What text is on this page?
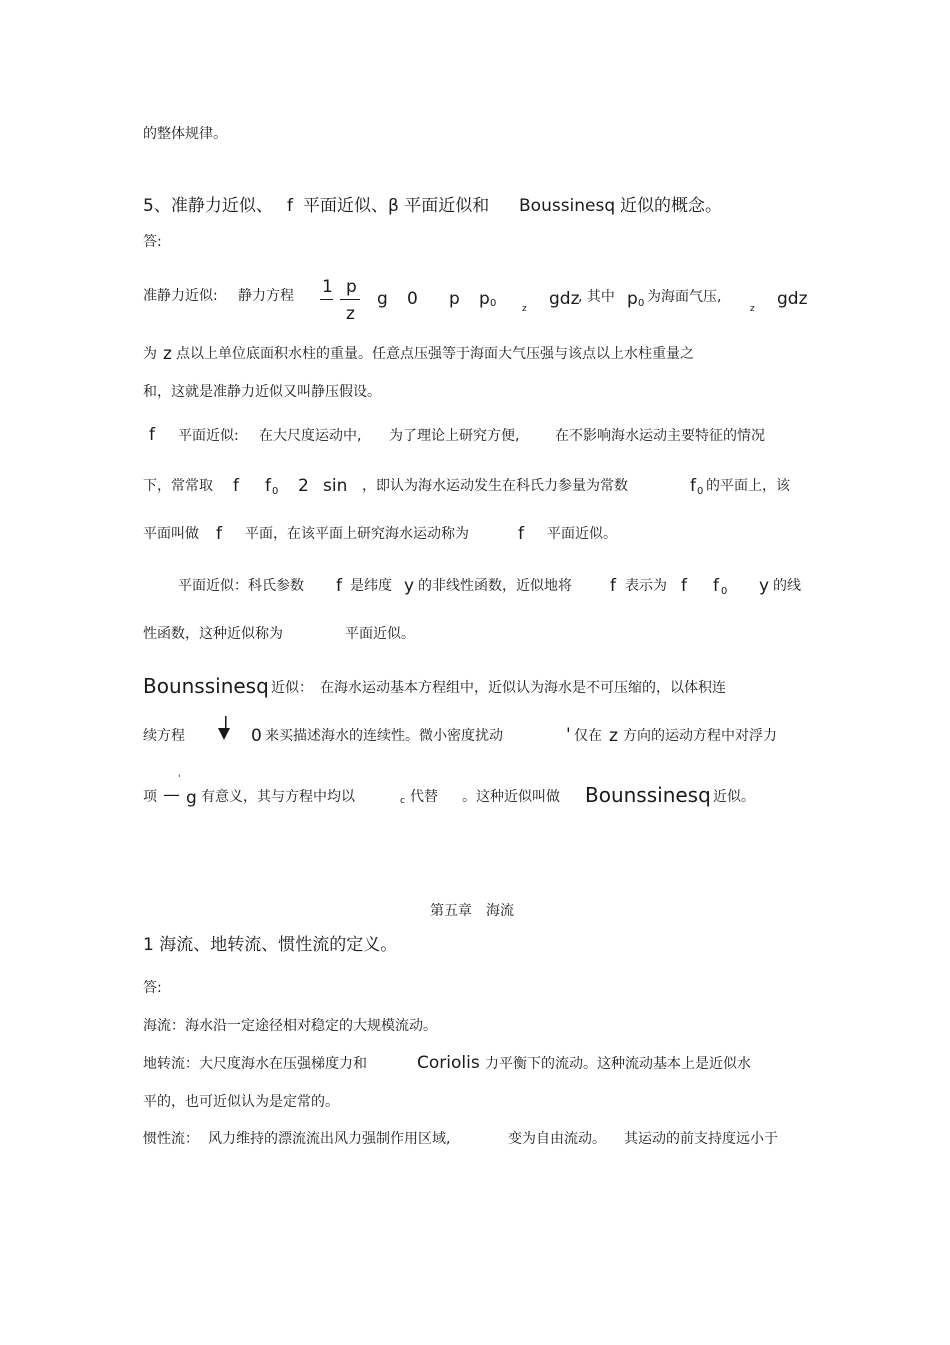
的整体规律。
5、准静力近似、 f 平面近似、β 平面近似和 Boussinesq 近似的概念。
答:
准静力近似: 静力方程 1 p
z
g 0 p p 0	z gdz
, 其中 p 0 为海面气压,
z gdz
为 z 点以上单位底面积水柱的重量。任意点压强等于海面大气压强与该点以上水柱重量之
和，这就是准静力近似又叫静压假设。
f 平面近似: 在大尺度运动中, 为了理论上研究方便,	在不影响海水运动主要特征的情况
下，常常取 f f 0 2 sin ，即认为海水运动发生在科氏力参量为常数	f 0 的平面上，该
平面叫做 f 平面，在该平面上研究海水运动称为	f 平面近似。
平面近似：科氏参数 f 是纬度 y 的非线性函数，近似地将 f 表示为 f f 0 y 的线
性函数，这种近似称为	平面近似。
Bounssinesq 近似： 在海水运动基本方程组中，近似认为海水是不可压缩的，以体积连
续方程	0 来买描述海水的连续性。微小密度扰动	' 仅在 z 方向的运动方程中对浮力
项 —
'
g 有意义，其与方程中均以	c 代替 。这种近似叫做 Bounssinesq 近似。
第五章　海流
1 海流、地转流、惯性流的定义。
答:
海流：海水沿一定途径相对稳定的大规模流动。
地转流：大尺度海水在压强梯度力和	Coriolis 力平衡下的流动。这种流动基本上是近似水
平的，也可近似认为是定常的。
惯性流： 风力维持的漂流流出风力强制作用区域,	变为自由流动。 其运动的前支持度远小于
